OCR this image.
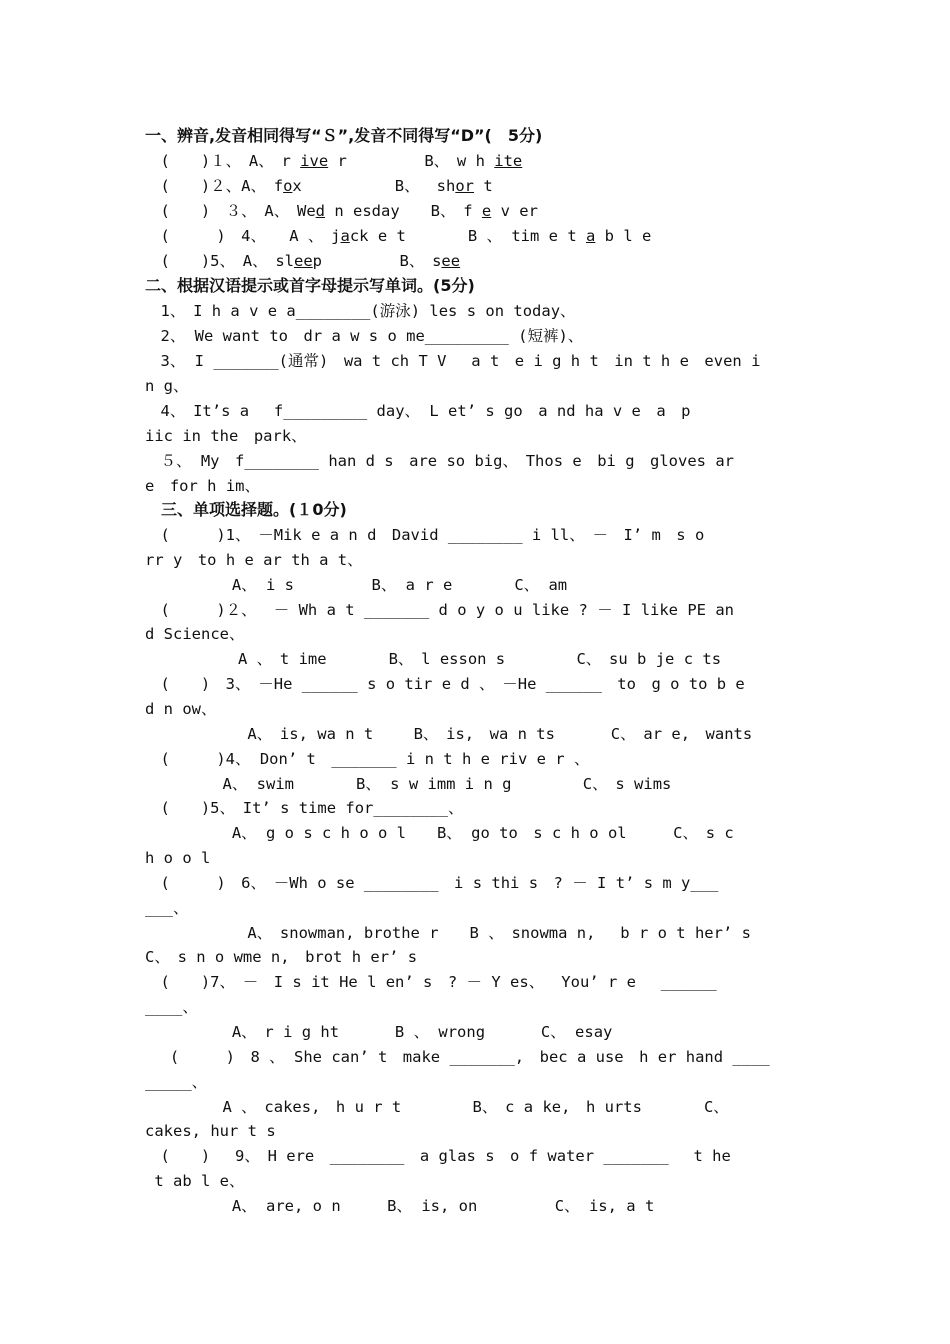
一、辨音,发音相同得写“Ｓ”,发音不同得写“D”(　5分)
　(　　)１、　A、　r ive r　　　　　B、　w h ite
　(　　)２、A、　fox　　　　　　B、　 shor t
　(　　)　３、　A、　Wed n esday　　B、　f e v er
　(　　　)　4、　　A 、　jack e t　　　　B 、 tim e t a b l e
　(　　)5、　A、　sleep　　　　　B、　see
二、根据汉语提示或首字母提示写单词。(5分)
　1、　I h a v e a________(游泳) les s on today、
　2、 We want to　dr a w s o me_________ (短裤)、
　3、 I _______(通常)　wa t ch T V　 a t　e i g h t　in t h e　even i
n g、
　4、　It’s a　 f_________ day、 L et’ s go　a nd ha v e　a　p
iic in the　park、
　５、 My　f________ han d s　are so big、　Thos e　bi g　gloves ar
e　for h im、
　三、单项选择题。(１0分)
　(　　　)1、　－Mik e a n d　David ________ i ll、　－　I’ m　s o
rr y　to h e ar th a t、
　　　　　 A、 i s　　　　　B、 a r e　　　　C、 am
　(　　　)２、　 － Wh a t _______ d o y o u like ? － I like PE an
d Science、
　　　　　　A 、　t ime　　　　B、　l esson s　　　　 C、　su b je c ts
　(　　)　3、　－He ______ s o tir e d 、　－He ______　to　g o to b e
d n ow、
　　　　　　 A、　is, wa n t　　 B、　is,　wa n ts　　　 C、　ar e,　wants
　(　　　)4、 Don’ t　_______ i n t h e riv e r 、
　　　　　A、 swim　　　　B、 s w imm i n g　　　　 C、　s wims
　(　　)5、　It’ s time for________、
　　　　　 A、 g o s c h o o l　　B、 go to　s c h o ol　　　C、　s c
h o o l
　(　　　)　6、　－Wh o se ________　i s thi s　? － I t’ s m y___
___、
　　　　　　 A、　snowman, brothe r　　B 、　snowma n, 　b r o t her’ s
C、　s n o wme n,　brot h er’ s
　(　　)7、　－　I s it He l en’ s　? － Y es、　 You’ r e　 ______
____、
　　　　　 A、　r i g ht　　　 B 、 wrong　　　 C、 esay
　 (　　　)　8 、 She can’ t　make _______,　bec a use　h er hand ____
_____、
　　　　　A 、　cakes,　h u r t　　　　 B、　c a ke,　h urts　　　　C、
cakes, hur t s
　(　　)　 9、　H ere　________　a glas s　o f water _______　 t he
t ab l e、
　　　　　 A、 are, o n　　　B、 is, on　　　　　C、 is, a t
